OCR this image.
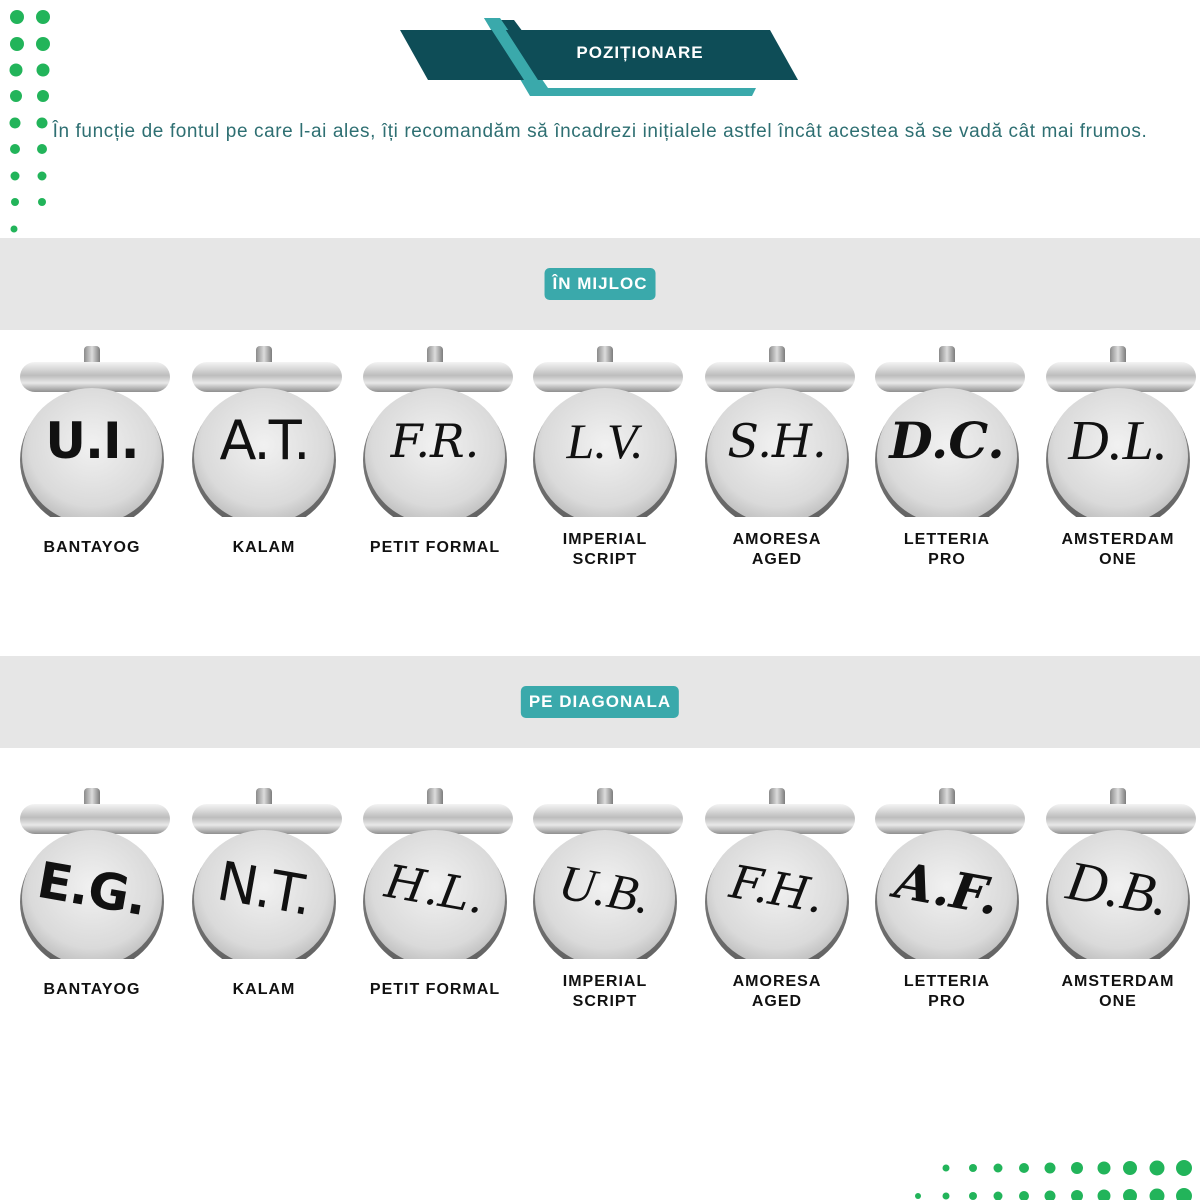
POZIȚIONARE
În funcție de fontul pe care l-ai ales, îți recomandăm să încadrezi inițialele astfel încât acestea să se vadă cât mai frumos.
ÎN MIJLOC
U.I.
BANTAYOG
A.T.
KALAM
F.R.
PETIT FORMAL
L.V.
IMPERIAL SCRIPT
S.H.
AMORESA AGED
D.C.
LETTERIA PRO
D.L.
AMSTERDAM ONE
PE DIAGONALA
E.G.
BANTAYOG
N.T.
KALAM
H.L.
PETIT FORMAL
U.B.
IMPERIAL SCRIPT
F.H.
AMORESA AGED
A.F.
LETTERIA PRO
D.B.
AMSTERDAM ONE
